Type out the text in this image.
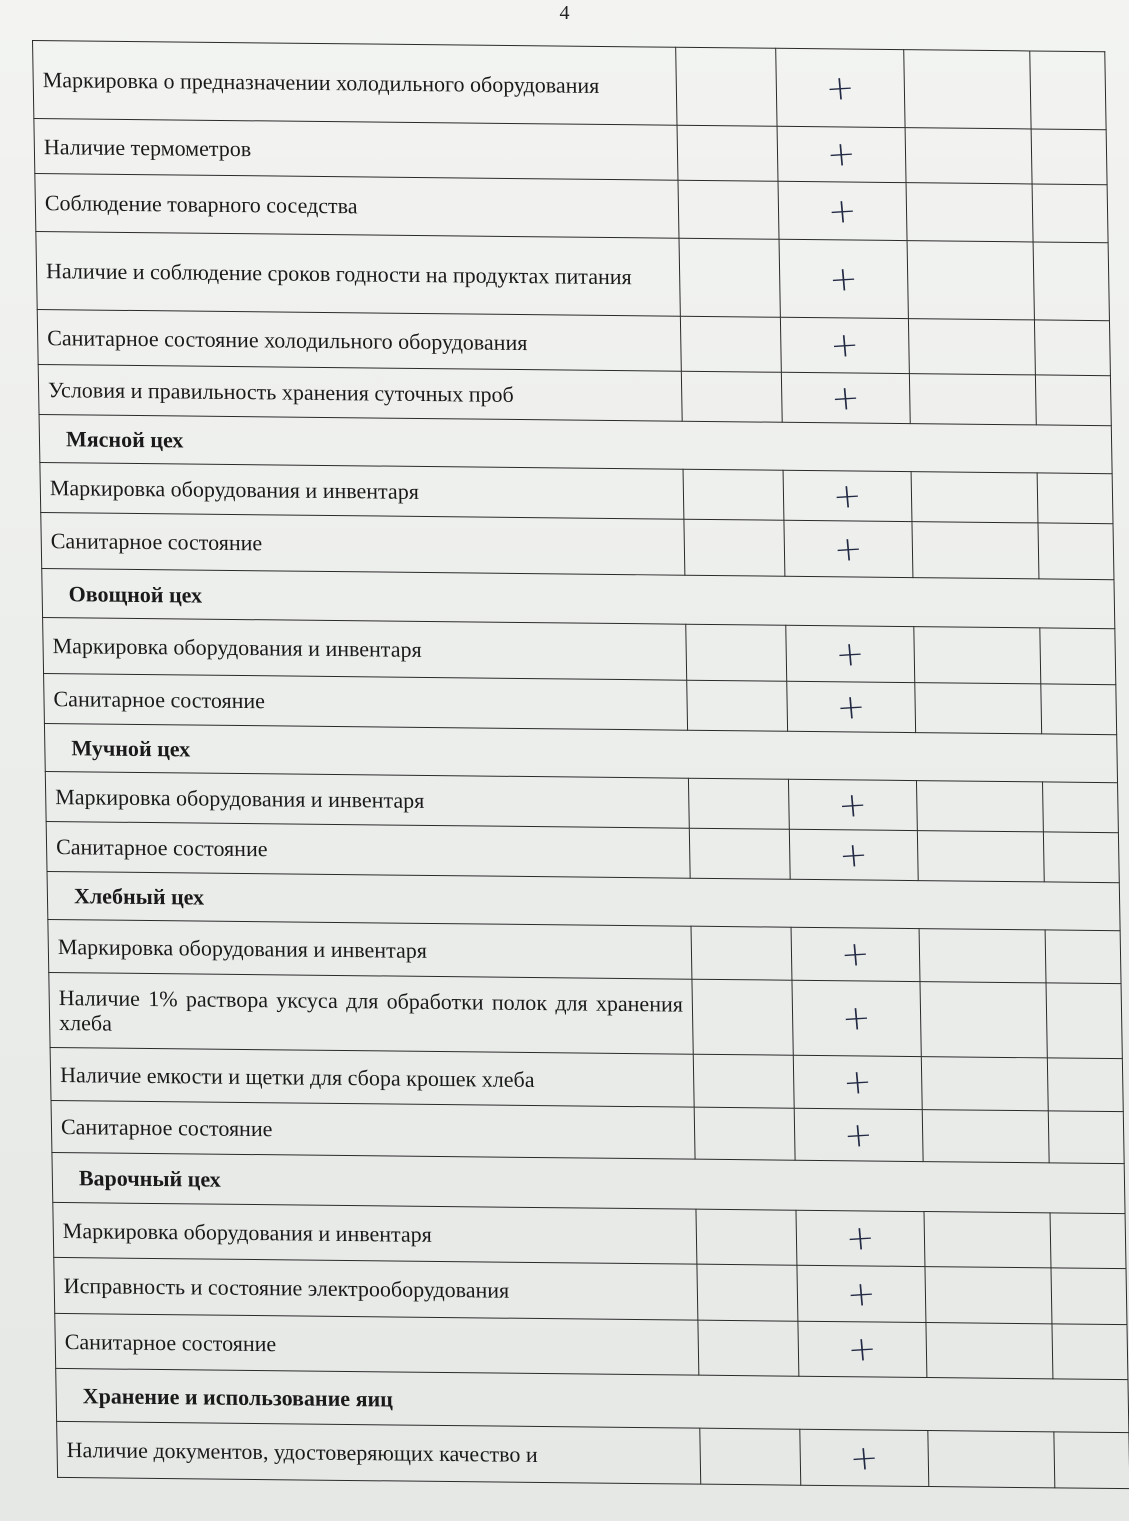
4
Маркировка о предназначении холодильного оборудования		+		
Наличие термометров		+		
Соблюдение товарного соседства		+		
Наличие и соблюдение сроков годности на продуктах питания		+		
Санитарное состояние холодильного оборудования		+		
Условия и правильность хранения суточных проб		+		
Мясной цех				
Маркировка оборудования и инвентаря		+		
Санитарное состояние		+		
Овощной цех				
Маркировка оборудования и инвентаря		+		
Санитарное состояние		+		
Мучной цех				
Маркировка оборудования и инвентаря		+		
Санитарное состояние		+		
Хлебный цех				
Маркировка оборудования и инвентаря		+		
Наличие 1% раствора уксуса для обработки полок для хранения хлеба		+		
Наличие емкости и щетки для сбора крошек хлеба		+		
Санитарное состояние		+		
Варочный цех				
Маркировка оборудования и инвентаря		+		
Исправность и состояние электрооборудования		+		
Санитарное состояние		+		
Хранение и использование яиц				
Наличие документов, удостоверяющих качество и		+		
